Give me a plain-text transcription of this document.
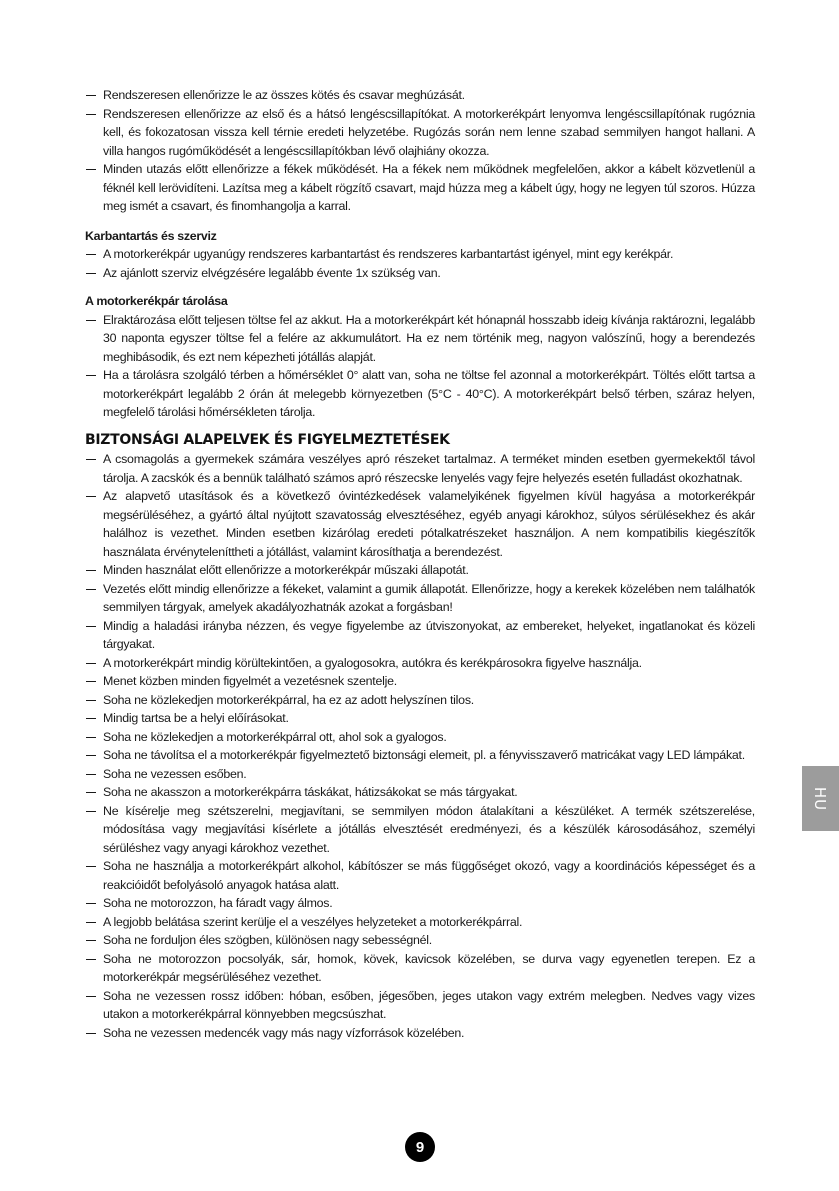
Rendszeresen ellenőrizze le az összes kötés és csavar meghúzását.
Rendszeresen ellenőrizze az első és a hátsó lengéscsillapítókat. A motorkerékpárt lenyomva lengéscsillapítónak rugóznia kell, és fokozatosan vissza kell térnie eredeti helyzetébe. Rugózás során nem lenne szabad semmilyen hangot hallani. A villa hangos rugóműködését a lengéscsillapítókban lévő olajhiány okozza.
Minden utazás előtt ellenőrizze a fékek működését. Ha a fékek nem működnek megfelelően, akkor a kábelt közvetlenül a féknél kell lerövidíteni. Lazítsa meg a kábelt rögzítő csavart, majd húzza meg a kábelt úgy, hogy ne legyen túl szoros. Húzza meg ismét a csavart, és finomhangolja a karral.
Karbantartás és szerviz
A motorkerékpár ugyanúgy rendszeres karbantartást és rendszeres karbantartást igényel, mint egy kerékpár.
Az ajánlott szerviz elvégzésére legalább évente 1x szükség van.
A motorkerékpár tárolása
Elraktározása előtt teljesen töltse fel az akkut. Ha a motorkerékpárt két hónapnál hosszabb ideig kívánja raktározni, legalább 30 naponta egyszer töltse fel a felére az akkumulátort. Ha ez nem történik meg, nagyon valószínű, hogy a berendezés meghibásodik, és ezt nem képezheti jótállás alapját.
Ha a tárolásra szolgáló térben a hőmérséklet 0° alatt van, soha ne töltse fel azonnal a motorkerékpárt. Töltés előtt tartsa a motorkerékpárt legalább 2 órán át melegebb környezetben (5°C - 40°C). A motorkerékpárt belső térben, száraz helyen, megfelelő tárolási hőmérsékleten tárolja.
BIZTONSÁGI ALAPELVEK ÉS FIGYELMEZTETÉSEK
A csomagolás a gyermekek számára veszélyes apró részeket tartalmaz. A terméket minden esetben gyermekektől távol tárolja. A zacskók és a bennük található számos apró részecske lenyelés vagy fejre helyezés esetén fulladást okozhatnak.
Az alapvető utasítások és a következő óvintézkedések valamelyikének figyelmen kívül hagyása a motorkerékpár megsérüléséhez, a gyártó által nyújtott szavatosság elvesztéséhez, egyéb anyagi károkhoz, súlyos sérülésekhez és akár halálhoz is vezethet. Minden esetben kizárólag eredeti pótalkatrészeket használjon. A nem kompatibilis kiegészítők használata érvényteleníttheti a jótállást, valamint károsíthatja a berendezést.
Minden használat előtt ellenőrizze a motorkerékpár műszaki állapotát.
Vezetés előtt mindig ellenőrizze a fékeket, valamint a gumik állapotát. Ellenőrizze, hogy a kerekek közelében nem találhatók semmilyen tárgyak, amelyek akadályozhatnák azokat a forgásban!
Mindig a haladási irányba nézzen, és vegye figyelembe az útviszonyokat, az embereket, helyeket, ingatlanokat és közeli tárgyakat.
A motorkerékpárt mindig körültekintően, a gyalogosokra, autókra és kerékpárosokra figyelve használja.
Menet közben minden figyelmét a vezetésnek szentelje.
Soha ne közlekedjen motorkerékpárral, ha ez az adott helyszínen tilos.
Mindig tartsa be a helyi előírásokat.
Soha ne közlekedjen a motorkerékpárral ott, ahol sok a gyalogos.
Soha ne távolítsa el a motorkerékpár figyelmeztető biztonsági elemeit, pl. a fényvisszaverő matricákat vagy LED lámpákat.
Soha ne vezessen esőben.
Soha ne akasszon a motorkerékpárra táskákat, hátizsákokat se más tárgyakat.
Ne kísérelje meg szétszerelni, megjavítani, se semmilyen módon átalakítani a készüléket. A termék szétszerelése, módosítása vagy megjavítási kísérlete a jótállás elvesztését eredményezi, és a készülék károsodásához, személyi sérüléshez vagy anyagi károkhoz vezethet.
Soha ne használja a motorkerékpárt alkohol, kábítószer se más függőséget okozó, vagy a koordinációs képességet és a reakcióidőt befolyásoló anyagok hatása alatt.
Soha ne motorozzon, ha fáradt vagy álmos.
A legjobb belátása szerint kerülje el a veszélyes helyzeteket a motorkerékpárral.
Soha ne forduljon éles szögben, különösen nagy sebességnél.
Soha ne motorozzon pocsolyák, sár, homok, kövek, kavicsok közelében, se durva vagy egyenetlen terepen. Ez a motorkerékpár megsérüléséhez vezethet.
Soha ne vezessen rossz időben: hóban, esőben, jégesőben, jeges utakon vagy extrém melegben. Nedves vagy vizes utakon a motorkerékpárral könnyebben megcsúszhat.
Soha ne vezessen medencék vagy más nagy vízforrások közelében.
HU
9
